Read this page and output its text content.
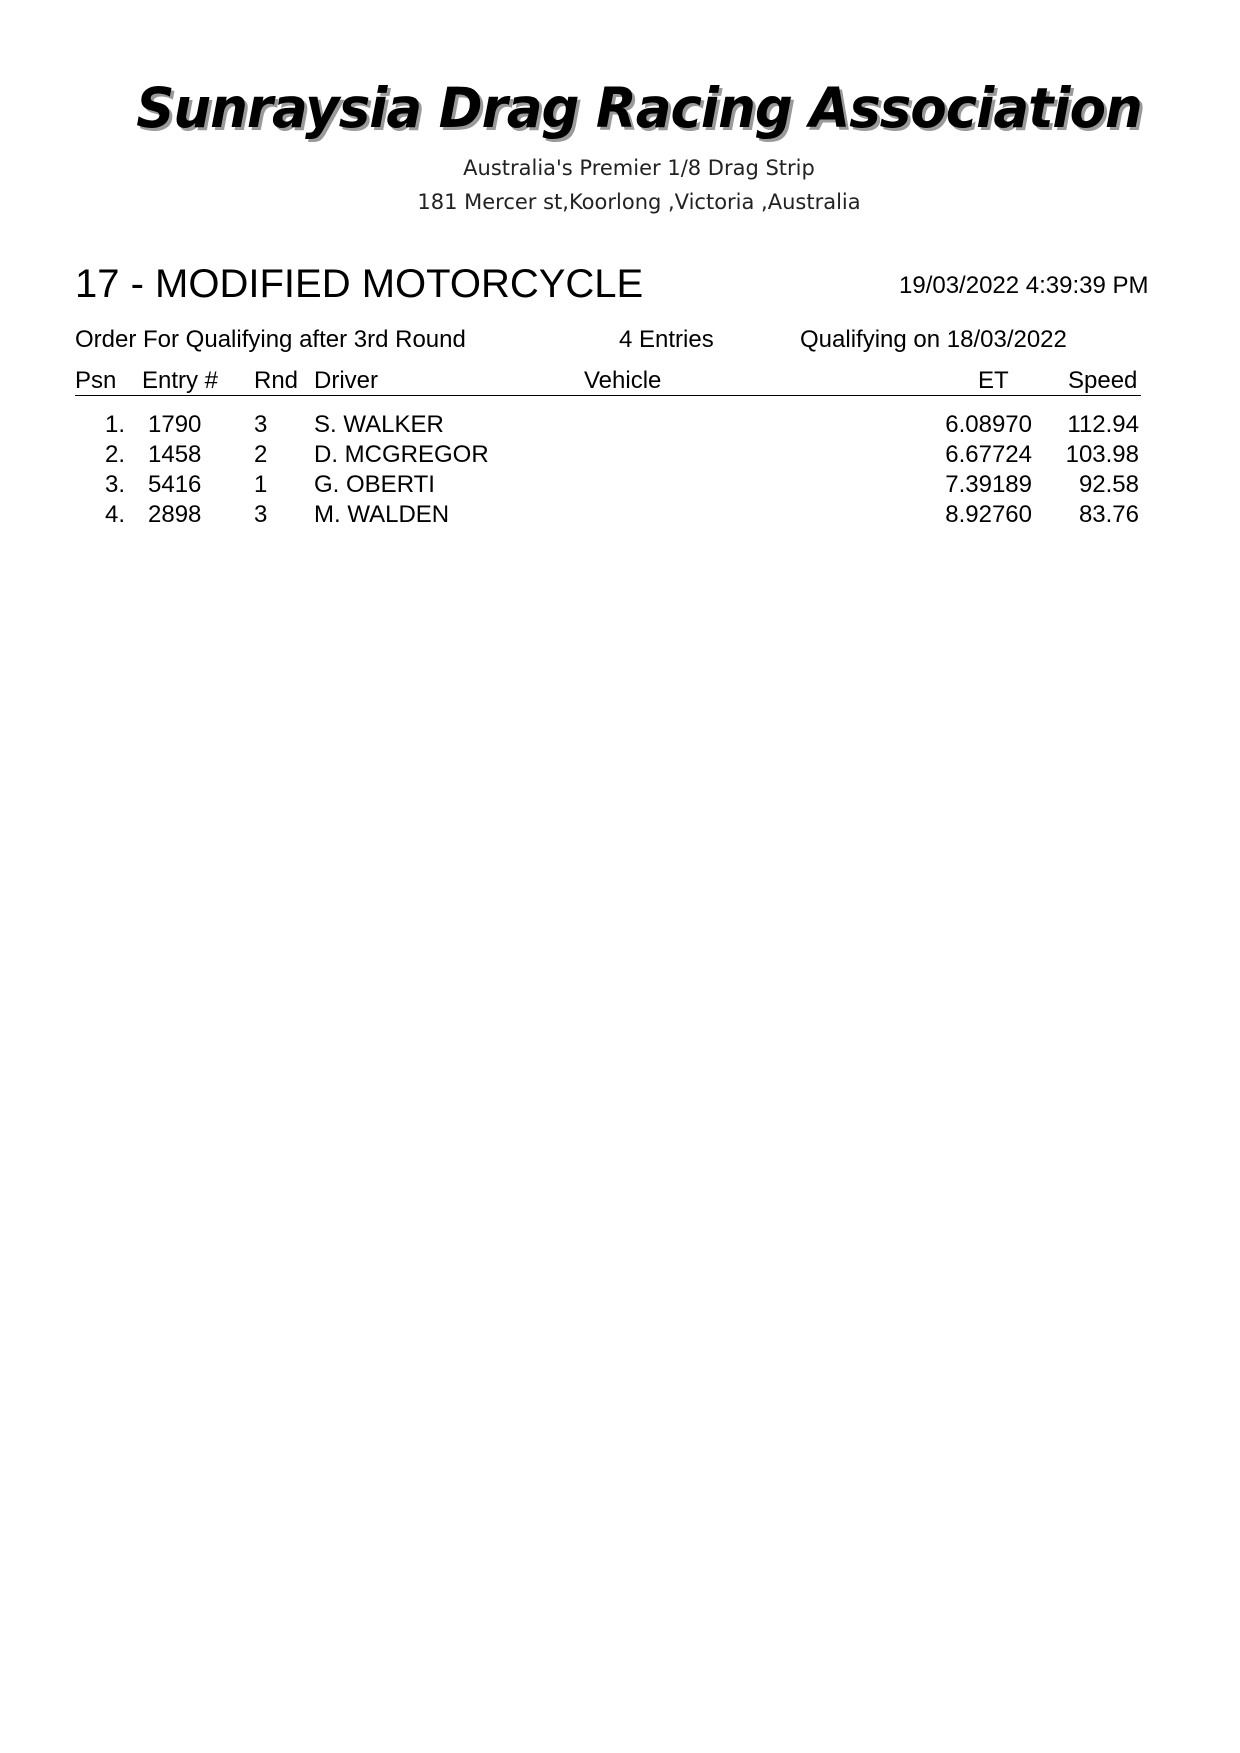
Sunraysia Drag Racing Association
Australia's Premier 1/8 Drag Strip
181 Mercer st,Koorlong ,Victoria ,Australia
17 - MODIFIED MOTORCYCLE	19/03/2022 4:39:39 PM
Order For Qualifying after 3rd Round	4 Entries	Qualifying on 18/03/2022
Psn Entry # Rnd Driver	Vehicle	ET Speed
1. 1790 3 S. WALKER	6.08970 112.94
2. 1458 2 D. MCGREGOR	6.67724 103.98
3. 5416 1 G. OBERTI	7.39189 92.58
4. 2898 3 M. WALDEN	8.92760 83.76
